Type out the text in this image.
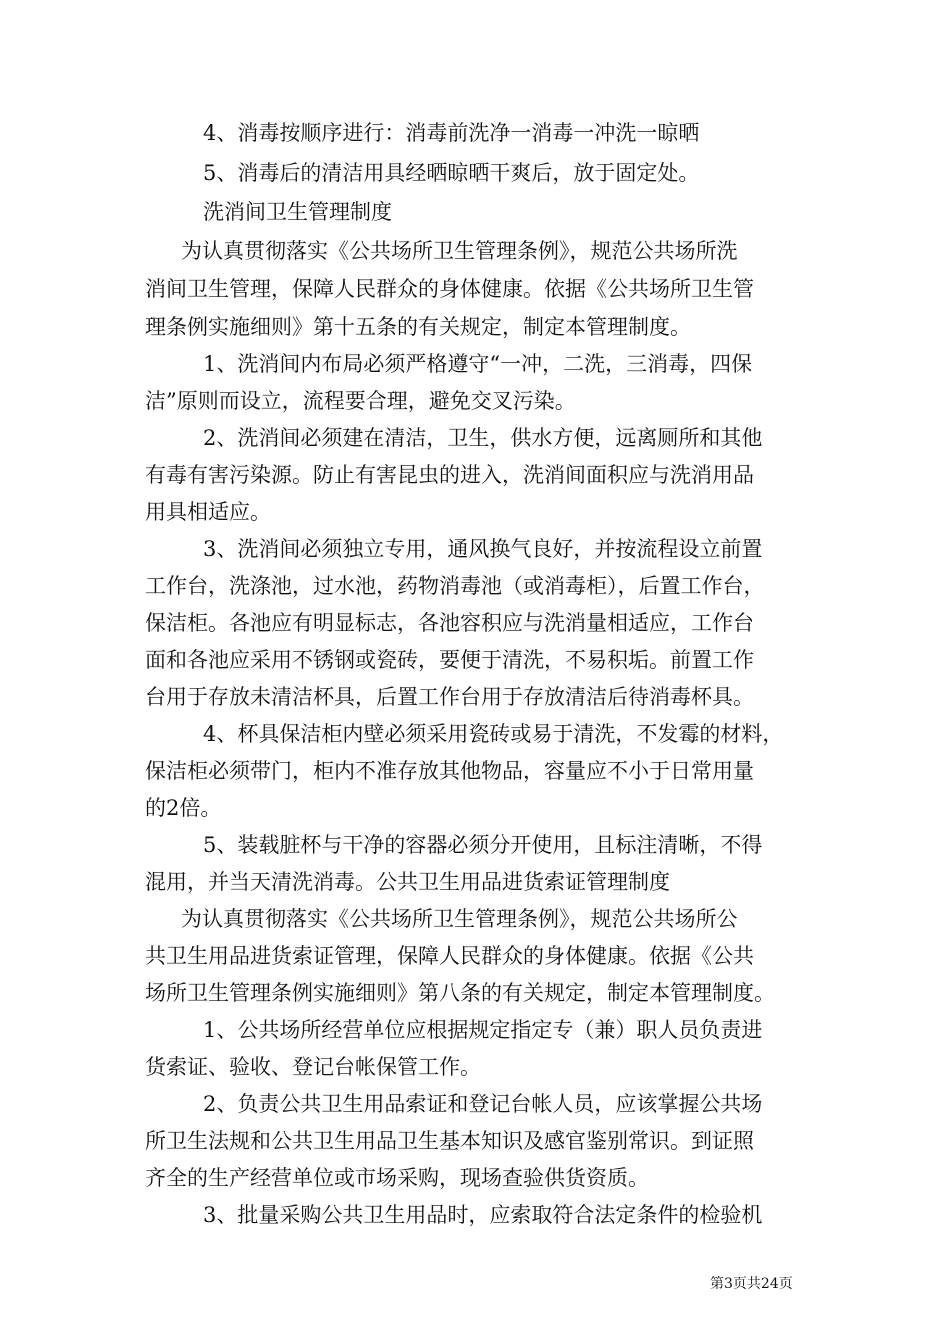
4、消毒按顺序进行：消毒前洗净一消毒一冲洗一晾晒
5、消毒后的清洁用具经晒晾晒干爽后，放于固定处。
洗消间卫生管理制度
为认真贯彻落实《公共场所卫生管理条例》，规范公共场所洗
消间卫生管理，保障人民群众的身体健康。依据《公共场所卫生管
理条例实施细则》第十五条的有关规定，制定本管理制度。
1、洗消间内布局必须严格遵守“一冲，二洗，三消毒，四保
洁”原则而设立，流程要合理，避免交叉污染。
2、洗消间必须建在清洁，卫生，供水方便，远离厕所和其他
有毒有害污染源。防止有害昆虫的进入，洗消间面积应与洗消用品
用具相适应。
3、洗消间必须独立专用，通风换气良好，并按流程设立前置
工作台，洗涤池，过水池，药物消毒池（或消毒柜），后置工作台，
保洁柜。各池应有明显标志，各池容积应与洗消量相适应，工作台
面和各池应采用不锈钢或瓷砖，要便于清洗，不易积垢。前置工作
台用于存放未清洁杯具，后置工作台用于存放清洁后待消毒杯具。
4、杯具保洁柜内壁必须采用瓷砖或易于清洗，不发霉的材料，
保洁柜必须带门，柜内不准存放其他物品，容量应不小于日常用量
的2倍。
5、装载脏杯与干净的容器必须分开使用，且标注清晰，不得
混用，并当天清洗消毒。公共卫生用品进货索证管理制度
为认真贯彻落实《公共场所卫生管理条例》，规范公共场所公
共卫生用品进货索证管理，保障人民群众的身体健康。依据《公共
场所卫生管理条例实施细则》第八条的有关规定，制定本管理制度。
1、公共场所经营单位应根据规定指定专（兼）职人员负责进
货索证、验收、登记台帐保管工作。
2、负责公共卫生用品索证和登记台帐人员，应该掌握公共场
所卫生法规和公共卫生用品卫生基本知识及感官鉴别常识。到证照
齐全的生产经营单位或市场采购，现场查验供货资质。
3、批量采购公共卫生用品时，应索取符合法定条件的检验机
第3页共24页
